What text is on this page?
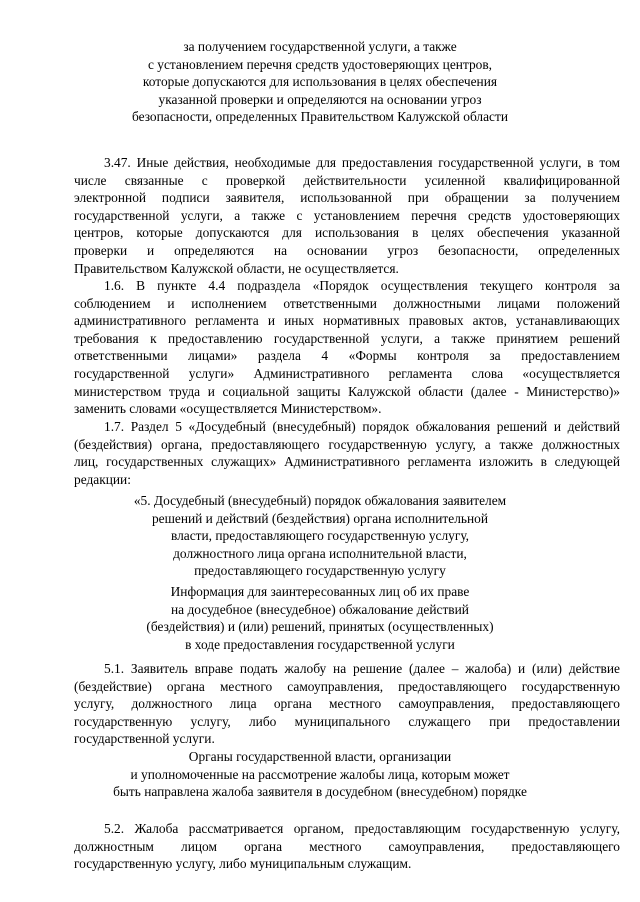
за получением государственной услуги, а также
с установлением перечня средств удостоверяющих центров,
которые допускаются для использования в целях обеспечения
указанной проверки и определяются на основании угроз
безопасности, определенных Правительством Калужской области
3.47. Иные действия, необходимые для предоставления государственной услуги, в том
числе связанные с проверкой действительности усиленной квалифицированной
электронной подписи заявителя, использованной при обращении за получением
государственной услуги, а также с установлением перечня средств удостоверяющих
центров, которые допускаются для использования в целях обеспечения указанной
проверки и определяются на основании угроз безопасности, определенных
Правительством Калужской области, не осуществляется.
1.6. В пункте 4.4 подраздела «Порядок осуществления текущего контроля за
соблюдением и исполнением ответственными должностными лицами положений
административного регламента и иных нормативных правовых актов, устанавливающих
требования к предоставлению государственной услуги, а также принятием решений
ответственными лицами» раздела 4 «Формы контроля за предоставлением
государственной услуги» Административного регламента слова «осуществляется
министерством труда и социальной защиты Калужской области (далее - Министерство)»
заменить словами «осуществляется Министерством».
1.7. Раздел 5 «Досудебный (внесудебный) порядок обжалования решений и действий
(бездействия) органа, предоставляющего государственную услугу, а также должностных
лиц, государственных служащих» Административного регламента изложить в следующей
редакции:
«5. Досудебный (внесудебный) порядок обжалования заявителем
решений и действий (бездействия) органа исполнительной
власти, предоставляющего государственную услугу,
должностного лица органа исполнительной власти,
предоставляющего государственную услугу
Информация для заинтересованных лиц об их праве
на досудебное (внесудебное) обжалование действий
(бездействия) и (или) решений, принятых (осуществленных)
в ходе предоставления государственной услуги
5.1. Заявитель вправе подать жалобу на решение (далее – жалоба) и (или) действие
(бездействие) органа местного самоуправления, предоставляющего государственную
услугу, должностного лица органа местного самоуправления, предоставляющего
государственную услугу, либо муниципального служащего при предоставлении
государственной услуги.
Органы государственной власти, организации
и уполномоченные на рассмотрение жалобы лица, которым может
быть направлена жалоба заявителя в досудебном (внесудебном) порядке
5.2. Жалоба рассматривается органом, предоставляющим государственную услугу,
должностным лицом органа местного самоуправления, предоставляющего
государственную услугу, либо муниципальным служащим.
